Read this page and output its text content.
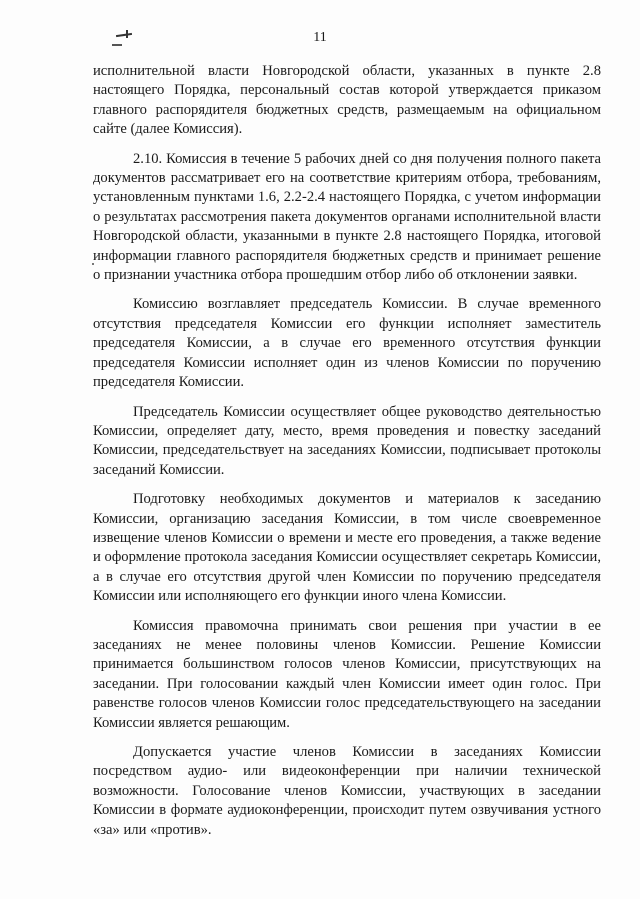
11

исполнительной власти Новгородской области, указанных в пункте 2.8 настоящего Порядка, персональный состав которой утверждается приказом главного распорядителя бюджетных средств, размещаемым на официальном сайте (далее Комиссия).

2.10. Комиссия в течение 5 рабочих дней со дня получения полного пакета документов рассматривает его на соответствие критериям отбора, требованиям, установленным пунктами 1.6, 2.2-2.4 настоящего Порядка, с учетом информации о результатах рассмотрения пакета документов органами исполнительной власти Новгородской области, указанными в пункте 2.8 настоящего Порядка, итоговой информации главного распорядителя бюджетных средств и принимает решение о признании участника отбора прошедшим отбор либо об отклонении заявки.

Комиссию возглавляет председатель Комиссии. В случае временного отсутствия председателя Комиссии его функции исполняет заместитель председателя Комиссии, а в случае его временного отсутствия функции председателя Комиссии исполняет один из членов Комиссии по поручению председателя Комиссии.

Председатель Комиссии осуществляет общее руководство деятельностью Комиссии, определяет дату, место, время проведения и повестку заседаний Комиссии, председательствует на заседаниях Комиссии, подписывает протоколы заседаний Комиссии.

Подготовку необходимых документов и материалов к заседанию Комиссии, организацию заседания Комиссии, в том числе своевременное извещение членов Комиссии о времени и месте его проведения, а также ведение и оформление протокола заседания Комиссии осуществляет секретарь Комиссии, а в случае его отсутствия другой член Комиссии по поручению председателя Комиссии или исполняющего его функции иного члена Комиссии.

Комиссия правомочна принимать свои решения при участии в ее заседаниях не менее половины членов Комиссии. Решение Комиссии принимается большинством голосов членов Комиссии, присутствующих на заседании. При голосовании каждый член Комиссии имеет один голос. При равенстве голосов членов Комиссии голос председательствующего на заседании Комиссии является решающим.

Допускается участие членов Комиссии в заседаниях Комиссии посредством аудио- или видеоконференции при наличии технической возможности. Голосование членов Комиссии, участвующих в заседании Комиссии в формате аудиоконференции, происходит путем озвучивания устного «за» или «против».
